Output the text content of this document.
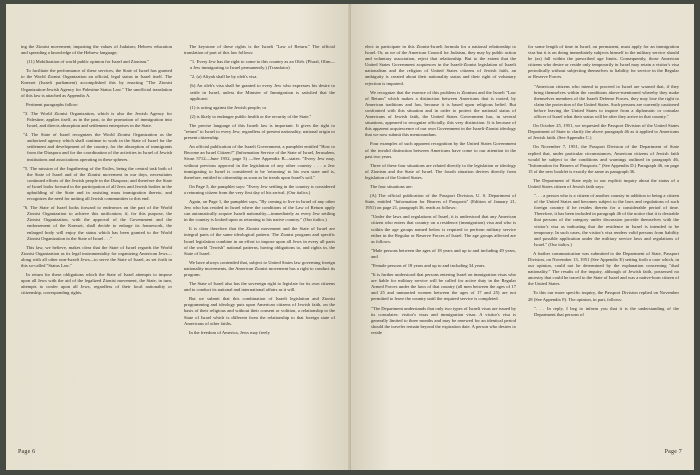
ing the Zionist movement; imparting the values of Judaism; Hebrew education and spreading a knowledge of the Hebrew language;

(11) Mobilization of world public opinion for Israel and Zionism."

To facilitate the performance of these services, the State of Israel has granted to the World Zionist Organization an official, legal status in Israel itself. The Knesset (Israeli parliament) accomplished this by enacting "The Zionist Organization-Jewish Agency for Palestine Status Law." The unofficial translation of this law is attached as Appendix A.

Pertinent paragraphs follow:

"3. The World Zionist Organization, which is also the Jewish Agency for Palestine, applies itself, as in the past, to the promotion of immigration into Israel, and directs absorption and settlement enterprises in the State.

"4. The State of Israel recognizes the World Zionist Organization as the authorized agency which shall continue to work in the State of Israel for the settlement and development of the country, for the absorption of immigrants from the Diaspora and for the coordination of the activities in Israel of Jewish institutions and associations operating in these spheres.

"5. The mission of the Ingathering of the Exiles, being the central task both of the State of Israel and of the Zionist movement in our days, necessitates continued efforts of the Jewish people in the Diaspora; and therefore the State of Israel looks forward to the participation of all Jews and Jewish bodies in the upbuilding of the State and in assisting mass immigration thereto, and recognizes the need for uniting all Jewish communities to this end.

"6. The State of Israel looks forward to endeavors on the part of the World Zionist Organization to achieve this unification; if, for this purpose, the Zionist Organization, with the approval of the Government and the endorsement of the Knesset, shall decide to enlarge its framework, the enlarged body will enjoy the status which has been granted to the World Zionist Organization in the State of Israel . . ."

This law, we believe, makes clear that the State of Israel regards the World Zionist Organization as its legal instrumentality for organizing American Jews—along with all other non-Israeli Jews—to serve the State of Israel, as set forth in this so-called "Status Law."

In return for these obligations which the State of Israel attempts to impose upon all Jews with the aid of the legalized Zionist movement, the State, in turn, attempts to confer upon all Jews, regardless of their local nationality or citizenship, corresponding rights.

The keystone of these rights is the Israeli "Law of Return." The official translation of part of this law follows:

"1. Every Jew has the right to come to this country as an Oleh. (Plural, Olim—a Jew immigrating to Israel permanently.) (Translator)

"2. (a) Aliyah shall be by oleh's visa.

(b) An oleh's visa shall be granted to every Jew who expresses his desire to settle in Israel, unless the Minister of Immigration is satisfied that the applicant:

(1) is acting against the Jewish people; or

(2) is likely to endanger public health or the security of the State."

The precise language of this Israeli law is important. It gives the right to "return" to Israel to every Jew, regardless of present nationality, national origin or present citizenship.

An official publication of the Israeli Government, a pamphlet entitled "How to Become an Israel Citizen?" (Information Service of the State of Israel, Jerusalem, Sivan 5712—June 1952, page 5) —See Appendix B—states: "Every Jew may, without previous approval in the legislation of any other country . . . a Jew immigrating to Israel is considered to be 'returning' to his own state and is, therefore, entitled to citizenship as soon as he treads upon Israel's soil."

On Page 5, the pamphlet says: "Every Jew settling in the country is considered a returning citizen from the very first day of his arrival. (Our italics.)

Again, on Page 1, the pamphlet says, "By coming to live in Israel of any other Jew who has resided in Israel where the conditions of the Law of Return apply can automatically acquire Israeli nationality—immediately as every Jew settling in the country is looked upon as returning to his native country." (Our italics.)

It is clear therefore that the Zionist movement and the State of Israel are integral parts of the same ideological pattern. The Zionist program and specific Israel legislation combine in an effort to impose upon all Jews in every all parts of the world "Jewish" national patterns, having obligations to, and rights in, the State of Israel.

We have always contended that, subject to United States law governing foreign nationality movements, the American Zionist movement has a right to conduct its program.

The State of Israel also has the sovereign right to legislate for its own citizens and to conduct its national and international affairs as it will.

But we submit that this combination of Israeli legislation and Zionist programming and ideology puts upon American citizens of Jewish faith, on the basis of their religious and without their consent or volition, a relationship to the State of Israel which is different from the relationship to that foreign state of Americans of other faiths.

In the freedom of America, Jews may freely

Page 6

elect to participate in this Zionist-Israeli formula for a national relationship to Israel. Or, as we of the American Council for Judaism, they may by public action and voluntary association, reject that relationship. But to the extent that the United States Government acquiesces in the Israeli-Zionist legislation of Israeli nationalism and the religion of United States citizens of Jewish faith, an ambiguity is created about their nationality status and their right of voluntary rejection is impaired.

We recognize that the essence of this problem is Zionism and the Israeli "Law of Return" which makes a distinction between Americans that is rooted, by American traditions and law, because it is based upon religious belief. But confronted with this situation and in order to protect the national status of Americans of Jewish faith, the United States Government has, in several situations, appeared to recognize officially, this very distinction. It is because of this apparent acquiescence of our own Government in the Israeli-Zionist ideology that we now submit this memorandum.

Four examples of such apparent recognition by the United States Government of the invalid distinction between Americans have come to our attention in the past two years.

Three of these four situations are related directly to the legislation or ideology of Zionism and the State of Israel. The fourth situation derives directly from legislation of the United States.

The four situations are:

(A) The official publication of the Passport Division, U. S. Department of State, entitled "Information for Bearers of Passports" (Edition of January 21, 1951) on page 21, paragraph 36, reads as follows:

"Under the laws and regulations of Israel, it is understood that any American citizen who enters that country on a residence (immigration) visa and who is within the age groups named below is required to perform military service either in the Regular or Reserve Forces of Israel. The age groups affected are as follows:

"Male persons between the ages of 18 years and up to and including 49 years, and

"Female persons of 18 years and up to and including 34 years.

"It is further understood that persons entering Israel on immigration visas who are liable for military service will be called for active duty in the Regular Armed Forces under the laws of that country (all men between the ages of 17 and 25 and unmarried women between the ages of 17 and 25) are not permitted to leave the country until the required service is completed.

"The Department understands that only two types of Israeli visas are issued by its consulates: visitor's visas and immigration visas. A visitor's visa is generally limited to three months and may be renewed for an identical period should the traveler remain beyond the expiration date. A person who desires to reside

for some length of time in Israel, on permanent, must apply for an immigration visa but it is on doing immediately subjects himself to the military service should he (as) fall within the prescribed age limits. Consequently, those American citizens who desire or reside only temporarily in Israel may retain a visitor's visa periodically without subjecting themselves to liability for service in the Regular or Reserve Forces.

"American citizens who intend to proceed to Israel are warned that, if they bring themselves within the conditions above-mentioned whereby they make themselves members of the Israeli Defense Forces, they may lose the right to claim the protection of the United States. Such persons are currently cautioned before leaving the United States to inquire from a diplomatic or consular officer of Israel what their status will be after they arrive in that country."

On October 25, 1951, we requested the Passport Division of the United States Department of State to clarify the above paragraph 46 as it applied to Americans of Jewish faith. (See Appendix C.)

On November 7, 1951, the Passport Division of the Department of State replied that, under particular circumstances, American citizens of Jewish faith would be subject to the conditions and warnings outlined in paragraph 46, "Information for Bearers of Passports." (See Appendix D.) Paragraph 46, on page 15 of the new booklet is exactly the same as paragraph 36.

The Department of State reply to our explicit inquiry about the status of a United States citizen of Jewish faith says:

". . . a person who is a citizen of another country in addition to being a citizen of the United States and becomes subject to the laws and regulations of such foreign country if he resides therein for a considerable period of time. Therefore, it has been included in paragraph 46 of the notice that it is desirable that persons of the category under discussion provide themselves with the visitor's visa as indicating that the residence in Israel is intended to be temporary. In such cases, the visitor's visa renders valid persons from liability and possible application under the military service laws and regulations of Israel." (Our italics.)

A further communication was submitted to the Department of State, Passport Division, on November 13, 1951 (See Appendix E) setting forth a case which, in our opinion, could not be determined by the explanation concerning "dual nationality." The results of the inquiry, although of Jewish faith, possessed no ancestry that could be traced to the State of Israel and was a native-born citizen of the United States.

To this our more specific inquiry, the Passport Division replied on November 28 (See Appendix F). The opinion, in part, follows:

". . . In reply, I beg to inform you that it is the understanding of the Department that persons of

Page 7
